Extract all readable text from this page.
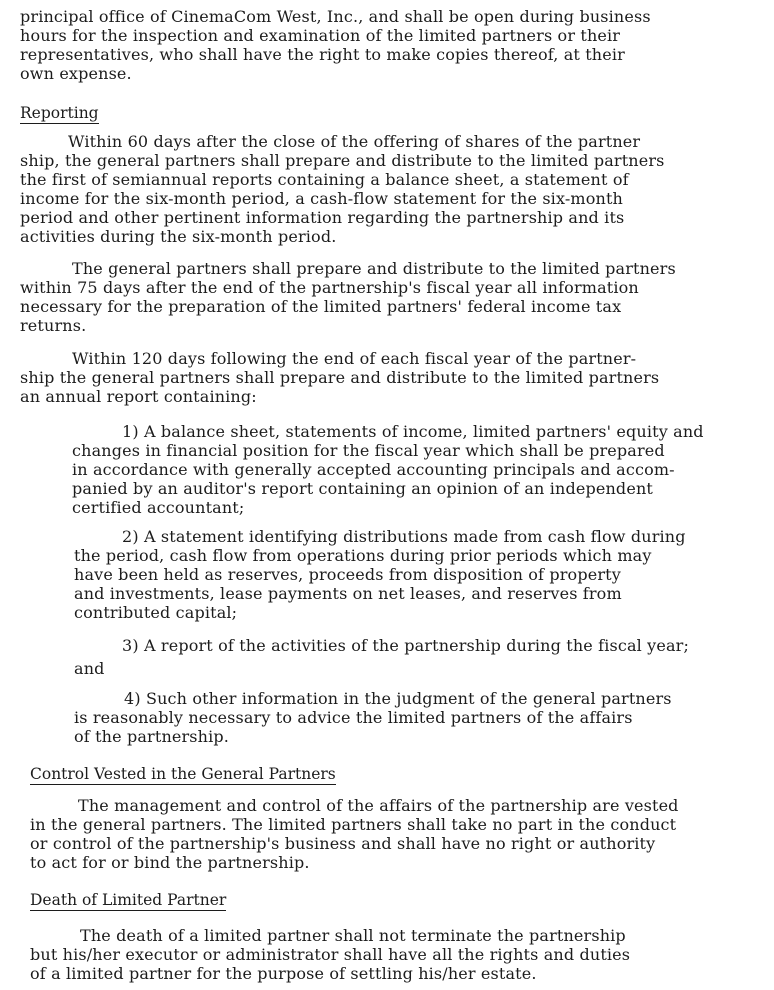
principal office of CinemaCom West, Inc., and shall be open during business
hours for the inspection and examination of the limited partners or their
representatives, who shall have the right to make copies thereof, at their
own expense.
Reporting
Within 60 days after the close of the offering of shares of the partner
ship, the general partners shall prepare and distribute to the limited partners
the first of semiannual reports containing a balance sheet, a statement of
income for the six-month period, a cash-flow statement for the six-month
period and other pertinent information regarding the partnership and its
activities during the six-month period.
The general partners shall prepare and distribute to the limited partners
within 75 days after the end of the partnership's fiscal year all information
necessary for the preparation of the limited partners' federal income tax
returns.
Within 120 days following the end of each fiscal year of the partner-
ship the general partners shall prepare and distribute to the limited partners
an annual report containing:
1) A balance sheet, statements of income, limited partners' equity and
changes in financial position for the fiscal year which shall be prepared
in accordance with generally accepted accounting principals and accom-
panied by an auditor's report containing an opinion of an independent
certified accountant;
2) A statement identifying distributions made from cash flow during
the period, cash flow from operations during prior periods which may
have been held as reserves, proceeds from disposition of property
and investments, lease payments on net leases, and reserves from
contributed capital;
3) A report of the activities of the partnership during the fiscal year;
and
4) Such other information in the judgment of the general partners
is reasonably necessary to advice the limited partners of the affairs
of the partnership.
Control Vested in the General Partners
The management and control of the affairs of the partnership are vested
in the general partners. The limited partners shall take no part in the conduct
or control of the partnership's business and shall have no right or authority
to act for or bind the partnership.
Death of Limited Partner
The death of a limited partner shall not terminate the partnership
but his/her executor or administrator shall have all the rights and duties
of a limited partner for the purpose of settling his/her estate.
